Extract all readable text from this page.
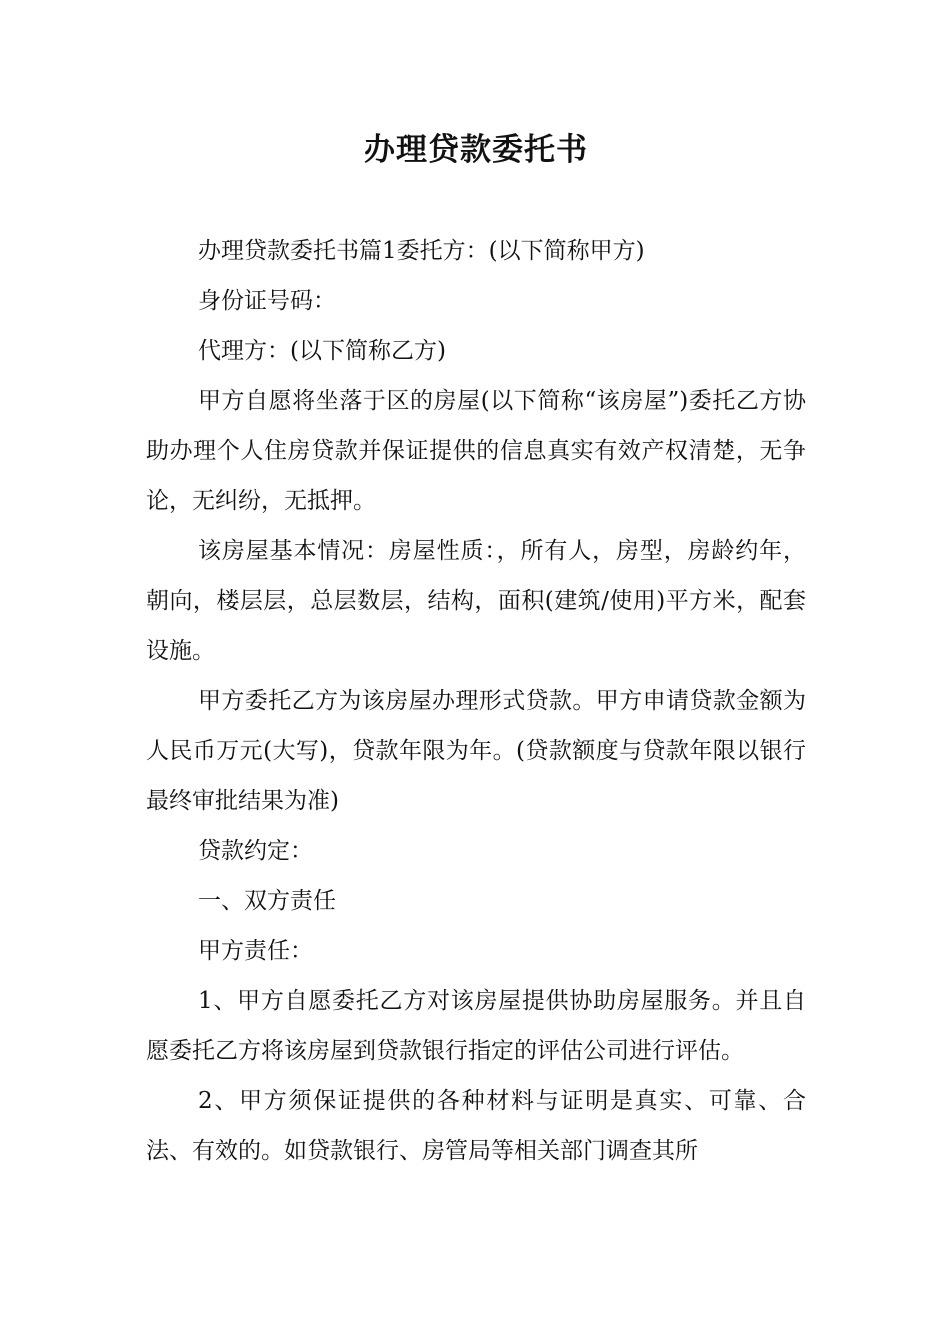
办理贷款委托书

办理贷款委托书篇1委托方：(以下简称甲方)

身份证号码：

代理方：(以下简称乙方)

甲方自愿将坐落于区的房屋(以下简称“该房屋”)委托乙方协助办理个人住房贷款并保证提供的信息真实有效产权清楚，无争论，无纠纷，无抵押。

该房屋基本情况：房屋性质：，所有人，房型，房龄约年，朝向，楼层层，总层数层，结构，面积(建筑/使用)平方米，配套设施。

甲方委托乙方为该房屋办理形式贷款。甲方申请贷款金额为人民币万元(大写)，贷款年限为年。(贷款额度与贷款年限以银行最终审批结果为准)

贷款约定：

一、双方责任

甲方责任：

1、甲方自愿委托乙方对该房屋提供协助房屋服务。并且自愿委托乙方将该房屋到贷款银行指定的评估公司进行评估。

2、甲方须保证提供的各种材料与证明是真实、可靠、合法、有效的。如贷款银行、房管局等相关部门调查其所
